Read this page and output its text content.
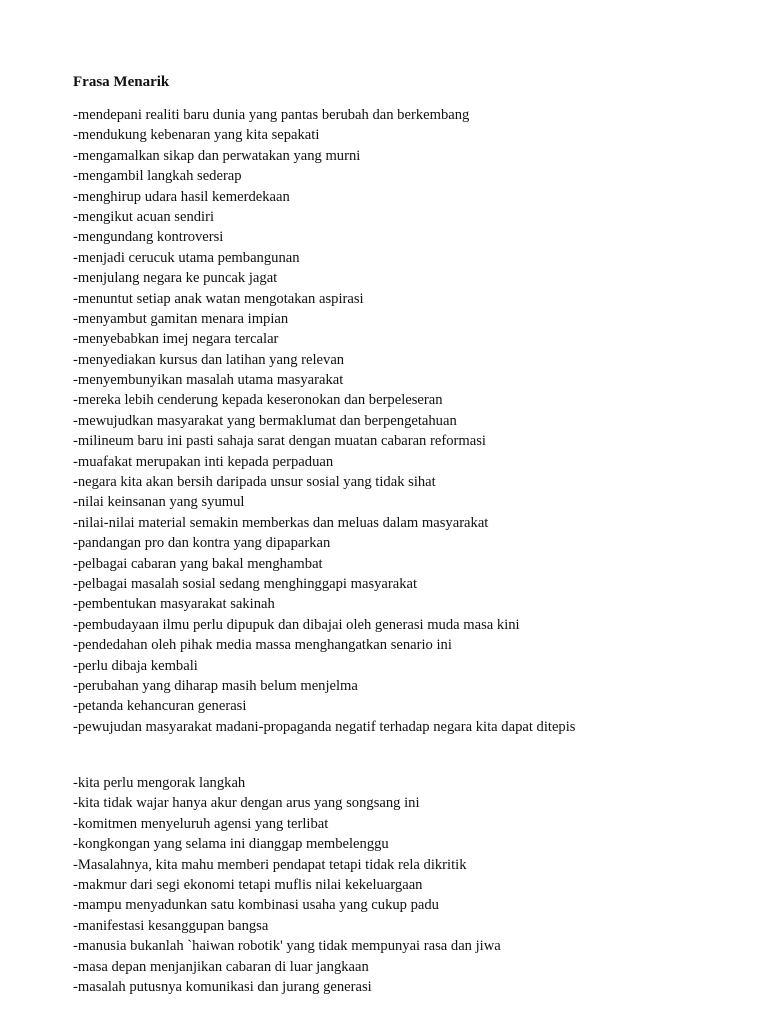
Frasa Menarik
-mendepani realiti baru dunia yang pantas berubah dan berkembang
-mendukung kebenaran yang kita sepakati
-mengamalkan sikap dan perwatakan yang murni
-mengambil langkah sederap
-menghirup udara hasil kemerdekaan
-mengikut acuan sendiri
-mengundang kontroversi
-menjadi cerucuk utama pembangunan
-menjulang negara ke puncak jagat
-menuntut setiap anak watan mengotakan aspirasi
-menyambut gamitan menara impian
-menyebabkan imej negara tercalar
-menyediakan kursus dan latihan yang relevan
-menyembunyikan masalah utama masyarakat
-mereka lebih cenderung kepada keseronokan dan berpeleseran
-mewujudkan masyarakat yang bermaklumat dan berpengetahuan
-milineum baru ini pasti sahaja sarat dengan muatan cabaran reformasi
-muafakat merupakan inti kepada perpaduan
-negara kita akan bersih daripada unsur sosial yang tidak sihat
-nilai keinsanan yang syumul
-nilai-nilai material semakin memberkas dan meluas dalam masyarakat
-pandangan pro dan kontra yang dipaparkan
-pelbagai cabaran yang bakal menghambat
-pelbagai masalah sosial sedang menghinggapi masyarakat
-pembentukan masyarakat sakinah
-pembudayaan ilmu perlu dipupuk dan dibajai oleh generasi muda masa kini
-pendedahan oleh pihak media massa menghangatkan senario ini
-perlu dibaja kembali
-perubahan yang diharap masih belum menjelma
-petanda kehancuran generasi
-pewujudan masyarakat madani-propaganda negatif terhadap negara kita dapat ditepis
-kita perlu mengorak langkah
-kita tidak wajar hanya akur dengan arus yang songsang ini
-komitmen menyeluruh agensi yang terlibat
-kongkongan yang selama ini dianggap membelenggu
-Masalahnya, kita mahu memberi pendapat tetapi tidak rela dikritik
-makmur dari segi ekonomi tetapi muflis nilai kekeluargaan
-mampu menyadunkan satu kombinasi usaha yang cukup padu
-manifestasi kesanggupan bangsa
-manusia bukanlah `haiwan robotik' yang tidak mempunyai rasa dan jiwa
-masa depan menjanjikan cabaran di luar jangkaan
-masalah putusnya komunikasi dan jurang generasi
